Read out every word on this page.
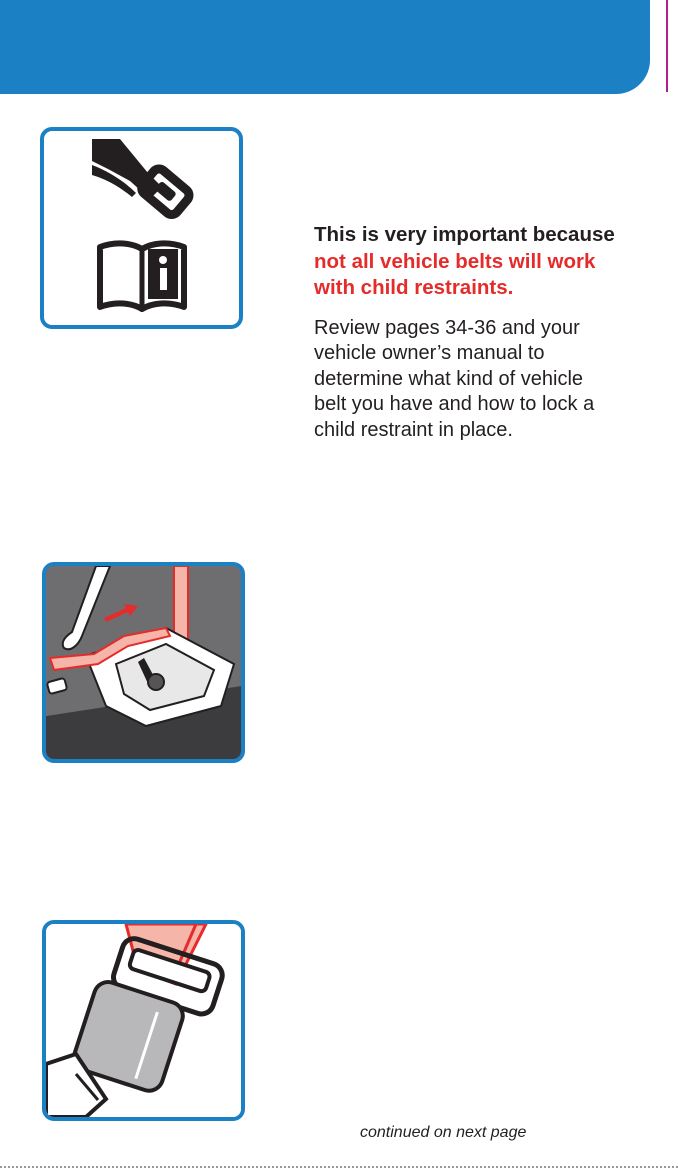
This is very important because
not all vehicle belts will work
with child restraints.

Review pages 34-36 and your
vehicle owner’s manual to
determine what kind of vehicle
belt you have and how to lock a
child restraint in place.

continued on next page
